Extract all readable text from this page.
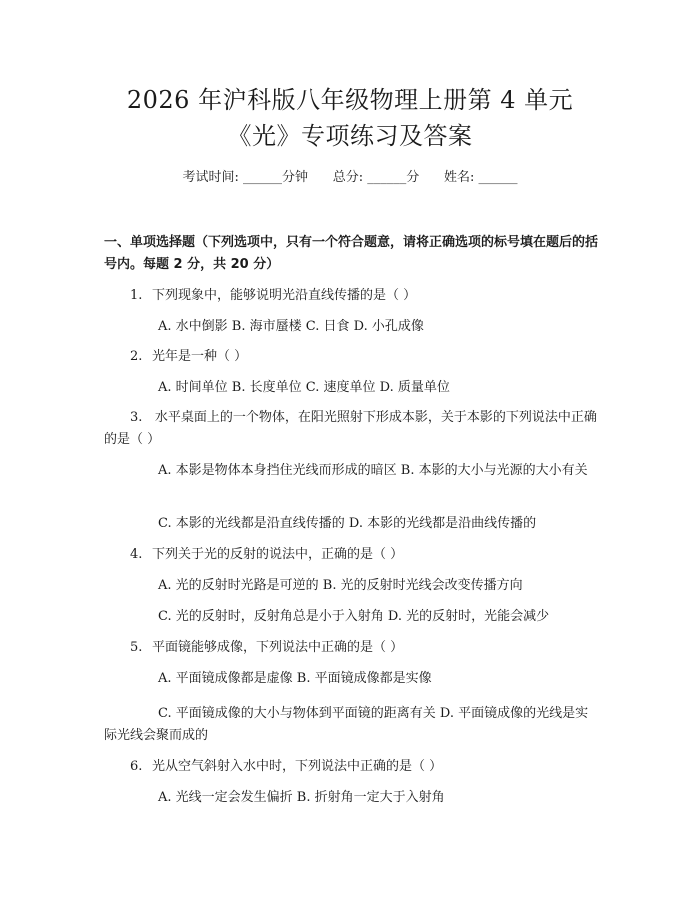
2026 年沪科版八年级物理上册第 4 单元
《光》专项练习及答案
考试时间: ______分钟      总分: ______分      姓名: ______
一、单项选择题（下列选项中，只有一个符合题意，请将正确选项的标号填在题后的括号内。每题 2 分，共 20 分）
1. 下列现象中，能够说明光沿直线传播的是（ ）
A. 水中倒影 B. 海市蜃楼 C. 日食 D. 小孔成像
2. 光年是一种（ ）
A. 时间单位 B. 长度单位 C. 速度单位 D. 质量单位
3. 水平桌面上的一个物体，在阳光照射下形成本影，关于本影的下列说法中正确的是（ ）
A. 本影是物体本身挡住光线而形成的暗区 B. 本影的大小与光源的大小有关
C. 本影的光线都是沿直线传播的 D. 本影的光线都是沿曲线传播的
4. 下列关于光的反射的说法中，正确的是（ ）
A. 光的反射时光路是可逆的 B. 光的反射时光线会改变传播方向
C. 光的反射时，反射角总是小于入射角 D. 光的反射时，光能会减少
5. 平面镜能够成像，下列说法中正确的是（ ）
A. 平面镜成像都是虚像 B. 平面镜成像都是实像
C. 平面镜成像的大小与物体到平面镜的距离有关 D. 平面镜成像的光线是实际光线会聚而成的
6. 光从空气斜射入水中时，下列说法中正确的是（ ）
A. 光线一定会发生偏折 B. 折射角一定大于入射角
